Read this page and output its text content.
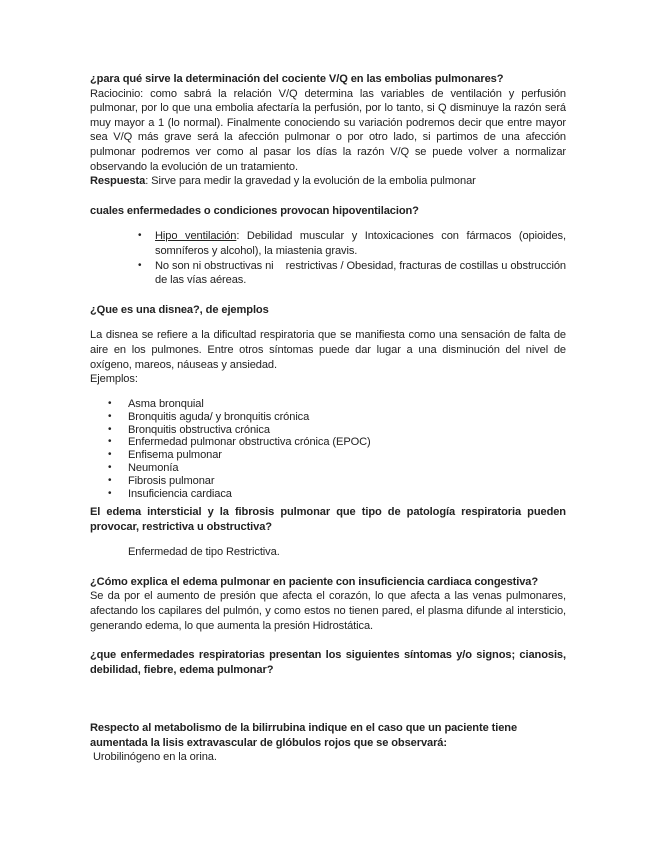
¿para qué sirve la determinación del cociente V/Q en las embolias pulmonares?

Raciocinio: como sabrá la relación V/Q determina las variables de ventilación y perfusión pulmonar, por lo que una embolia afectaría la perfusión, por lo tanto, si Q disminuye la razón será muy mayor a 1 (lo normal). Finalmente conociendo su variación podremos decir que entre mayor sea V/Q más grave será la afección pulmonar o por otro lado, si partimos de una afección pulmonar podremos ver como al pasar los días la razón V/Q se puede volver a normalizar observando la evolución de un tratamiento.

Respuesta: Sirve para medir la gravedad y la evolución de la embolia pulmonar

cuales enfermedades o condiciones provocan hipoventilacion?

• Hipo ventilación: Debilidad muscular y Intoxicaciones con fármacos (opioides, somníferos y alcohol), la miastenia gravis.
• No son ni obstructivas ni    restrictivas / Obesidad, fracturas de costillas u obstrucción de las vías aéreas.

¿Que es una disnea?, de ejemplos

La disnea se refiere a la dificultad respiratoria que se manifiesta como una sensación de falta de aire en los pulmones. Entre otros síntomas puede dar lugar a una disminución del nivel de oxígeno, mareos, náuseas y ansiedad.

Ejemplos:

• Asma bronquial
• Bronquitis aguda/ y bronquitis crónica
• Bronquitis obstructiva crónica
• Enfermedad pulmonar obstructiva crónica (EPOC)
• Enfisema pulmonar
• Neumonía
• Fibrosis pulmonar
• Insuficiencia cardiaca

El edema intersticial y la fibrosis pulmonar que tipo de patología respiratoria pueden provocar, restrictiva u obstructiva?

Enfermedad de tipo Restrictiva.

¿Cómo explica el edema pulmonar en paciente con insuficiencia cardiaca congestiva?

Se da por el aumento de presión que afecta el corazón, lo que afecta a las venas pulmonares, afectando los capilares del pulmón, y como estos no tienen pared, el plasma difunde al intersticio, generando edema, lo que aumenta la presión Hidrostática.

¿que enfermedades respiratorias presentan los siguientes síntomas y/o signos; cianosis, debilidad, fiebre, edema pulmonar?

Respecto al metabolismo de la bilirrubina indique en el caso que un paciente tiene aumentada la lisis extravascular de glóbulos rojos que se observará:

Urobilinógeno en la orina.
